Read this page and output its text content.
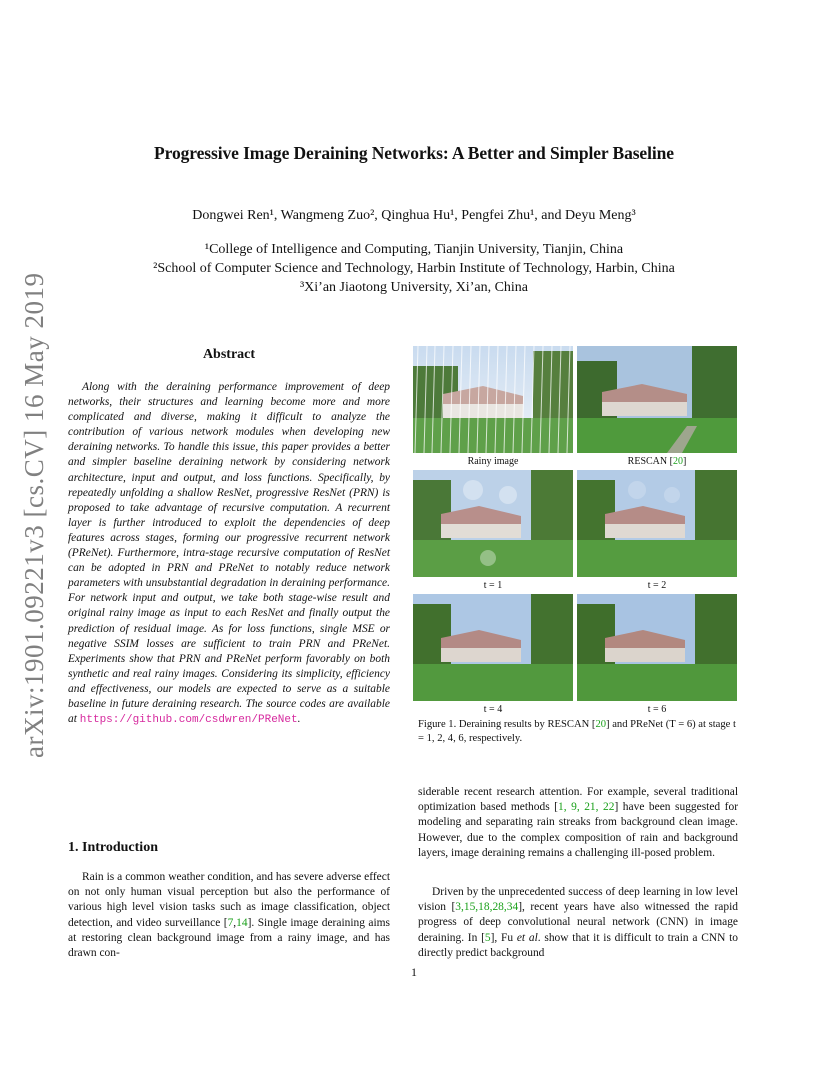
arXiv:1901.09221v3 [cs.CV] 16 May 2019
Progressive Image Deraining Networks: A Better and Simpler Baseline
Dongwei Ren¹, Wangmeng Zuo², Qinghua Hu¹, Pengfei Zhu¹, and Deyu Meng³
¹College of Intelligence and Computing, Tianjin University, Tianjin, China
²School of Computer Science and Technology, Harbin Institute of Technology, Harbin, China
³Xi’an Jiaotong University, Xi’an, China
Abstract
Along with the deraining performance improvement of deep networks, their structures and learning become more and more complicated and diverse, making it difficult to analyze the contribution of various network modules when developing new deraining networks. To handle this issue, this paper provides a better and simpler baseline deraining network by considering network architecture, input and output, and loss functions. Specifically, by repeatedly unfolding a shallow ResNet, progressive ResNet (PRN) is proposed to take advantage of recursive computation. A recurrent layer is further introduced to exploit the dependencies of deep features across stages, forming our progressive recurrent network (PReNet). Furthermore, intra-stage recursive computation of ResNet can be adopted in PRN and PReNet to notably reduce network parameters with unsubstantial degradation in deraining performance. For network input and output, we take both stage-wise result and original rainy image as input to each ResNet and finally output the prediction of residual image. As for loss functions, single MSE or negative SSIM losses are sufficient to train PRN and PReNet. Experiments show that PRN and PReNet perform favorably on both synthetic and real rainy images. Considering its simplicity, efficiency and effectiveness, our models are expected to serve as a suitable baseline in future deraining research. The source codes are available at https://github.com/csdwren/PReNet.
1. Introduction
Rain is a common weather condition, and has severe adverse effect on not only human visual perception but also the performance of various high level vision tasks such as image classification, object detection, and video surveillance [7,14]. Single image deraining aims at restoring clean background image from a rainy image, and has drawn con-
Rainy image	RESCAN [20]
t = 1	t = 2
t = 4	t = 6
Figure 1. Deraining results by RESCAN [20] and PReNet (T = 6) at stage t = 1, 2, 4, 6, respectively.
siderable recent research attention. For example, several traditional optimization based methods [1, 9, 21, 22] have been suggested for modeling and separating rain streaks from background clean image. However, due to the complex composition of rain and background layers, image deraining remains a challenging ill-posed problem.
Driven by the unprecedented success of deep learning in low level vision [3,15,18,28,34], recent years have also witnessed the rapid progress of deep convolutional neural network (CNN) in image deraining. In [5], Fu et al. show that it is difficult to train a CNN to directly predict background
1
